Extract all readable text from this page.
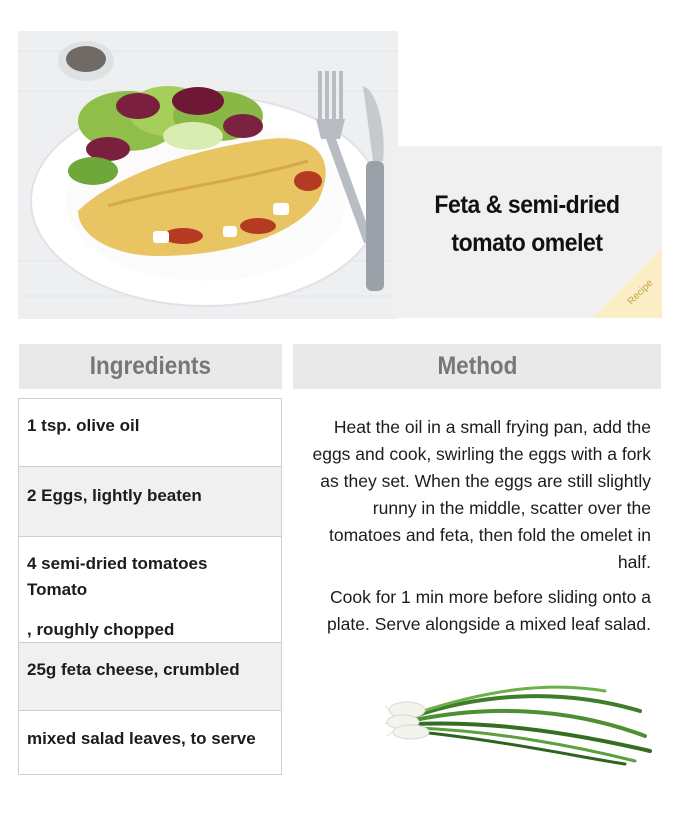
Feta & semi-dried
tomato omelet
Recipe
Ingredients	Method
1 tsp. olive oil
2 Eggs, lightly beaten
4 semi-dried tomatoes
Tomato
, roughly chopped
25g feta cheese, crumbled
mixed salad leaves, to serve

Heat the oil in a small frying pan, add the eggs and cook, swirling the eggs with a fork as they set. When the eggs are still slightly runny in the middle, scatter over the tomatoes and feta, then fold the omelet in half.

Cook for 1 min more before sliding onto a plate. Serve alongside a mixed leaf salad.
